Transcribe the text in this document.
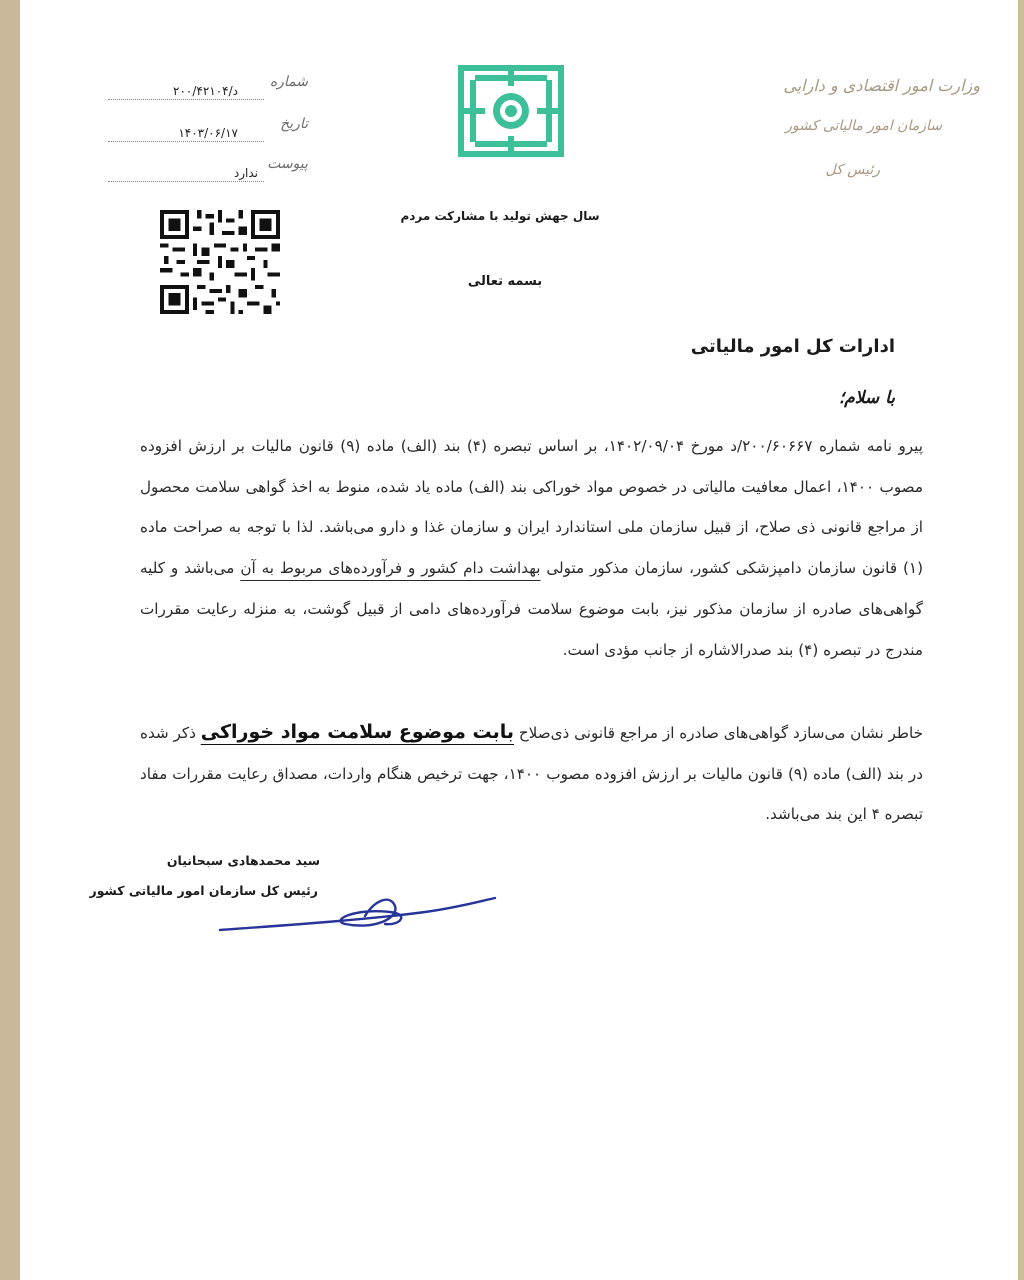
شماره
۲۰۰/۴۲۱۰۴/د
تاریخ
۱۴۰۳/۰۶/۱۷
پیوست
ندارد
سال جهش تولید با مشارکت مردم
بسمه تعالی
وزارت امور اقتصادی و دارایی
سازمان امور مالیاتی کشور
رئیس کل
ادارات کل امور مالیاتی
با سلام؛
پیرو نامه شماره ۲۰۰/۶۰۶۶۷/د مورخ ۱۴۰۲/۰۹/۰۴، بر اساس تبصره (۴) بند (الف) ماده (۹) قانون مالیات بر ارزش افزوده مصوب ۱۴۰۰، اعمال معافیت مالیاتی در خصوص مواد خوراکی بند (الف) ماده یاد شده، منوط به اخذ گواهی سلامت محصول از مراجع قانونی ذی صلاح، از قبیل سازمان ملی استاندارد ایران و سازمان غذا و دارو می‌باشد. لذا با توجه به صراحت ماده (۱) قانون سازمان دامپزشکی کشور، سازمان مذکور متولی بهداشت دام کشور و فرآورده‌های مربوط به آن می‌باشد و کلیه گواهی‌های صادره از سازمان مذکور نیز، بابت موضوع سلامت فرآورده‌های دامی از قبیل گوشت، به منزله رعایت مقررات مندرج در تبصره (۴) بند صدرالاشاره از جانب مؤدی است.
خاطر نشان می‌سازد گواهی‌های صادره از مراجع قانونی ذی‌صلاح بابت موضوع سلامت مواد خوراکی ذکر شده در بند (الف) ماده (۹) قانون مالیات بر ارزش افزوده مصوب ۱۴۰۰، جهت ترخیص هنگام واردات، مصداق رعایت مقررات مفاد تبصره ۴ این بند می‌باشد.
سید محمدهادی سبحانیان
رئیس کل سازمان امور مالیاتی کشور
